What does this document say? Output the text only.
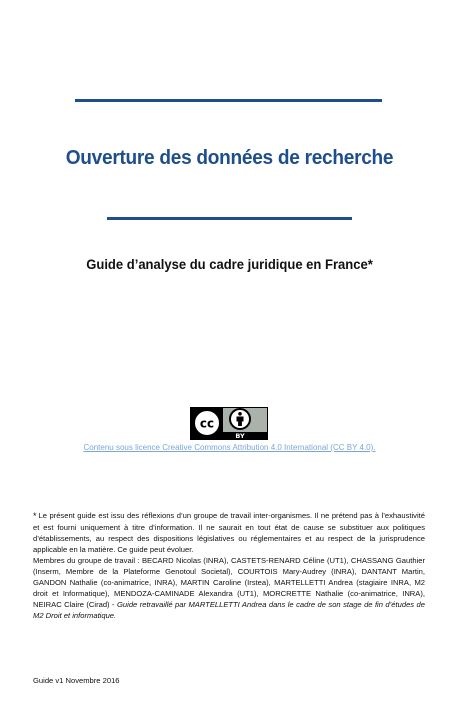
Ouverture des données de recherche
Guide d’analyse du cadre juridique en France*
cc
BY
Contenu sous licence Creative Commons Attribution 4.0 International (CC BY 4.0).

* Le présent guide est issu des réflexions d’un groupe de travail inter-organismes. Il ne prétend pas à l’exhaustivité et est fourni uniquement à titre d’information. Il ne saurait en tout état de cause se substituer aux politiques d’établissements, au respect des dispositions législatives ou réglementaires et au respect de la jurisprudence applicable en la matière. Ce guide peut évoluer.

Membres du groupe de travail : BECARD Nicolas (INRA), CASTETS-RENARD Céline (UT1), CHASSANG Gauthier (Inserm, Membre de la Plateforme Genotoul Societal), COURTOIS Mary-Audrey (INRA), DANTANT Martin, GANDON Nathalie (co-animatrice, INRA), MARTIN Caroline (Irstea), MARTELLETTI Andrea (stagiaire INRA, M2 droit et Informatique), MENDOZA-CAMINADE Alexandra (UT1), MORCRETTE Nathalie (co-animatrice, INRA), NEIRAC Claire (Cirad) - Guide retravaillé par MARTELLETTI Andrea dans le cadre de son stage de fin d’études de M2 Droit et informatique.

Guide v1 Novembre 2016
